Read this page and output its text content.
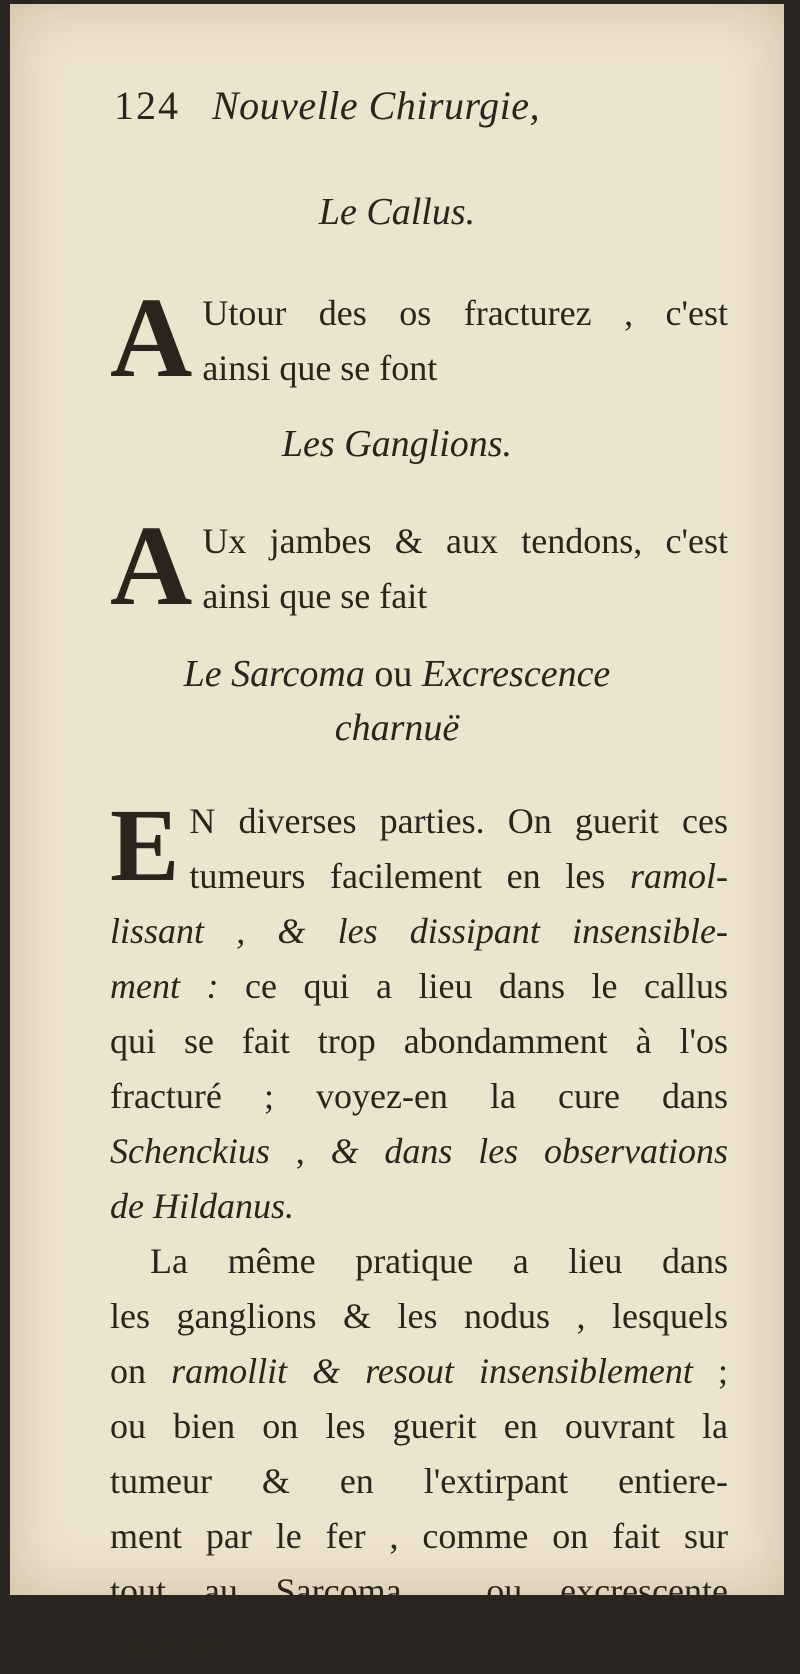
124 Nouvelle Chirurgie,
Le Callus.
A Utour des os fracturez , c'est
ainsi que se font
Les Ganglions.
A Ux jambes & aux tendons, c'est
ainsi que se fait
Le Sarcoma ou Excrescence
charnuë
E N diverses parties. On guerit ces
tumeurs facilement en les ramol-
lissant , & les dissipant insensible-
ment : ce qui a lieu dans le callus
qui se fait trop abondamment à l'os
fracturé ; voyez-en la cure dans
Schenckius , & dans les observations
de Hildanus.
La même pratique a lieu dans
les ganglions & les nodus , lesquels
on ramollit & resout insensiblement ;
ou bien on les guerit en ouvrant la
tumeur & en l'extirpant entiere-
ment par le fer , comme on fait sur
tout au Sarcoma , ou excrescente
charnuë.
